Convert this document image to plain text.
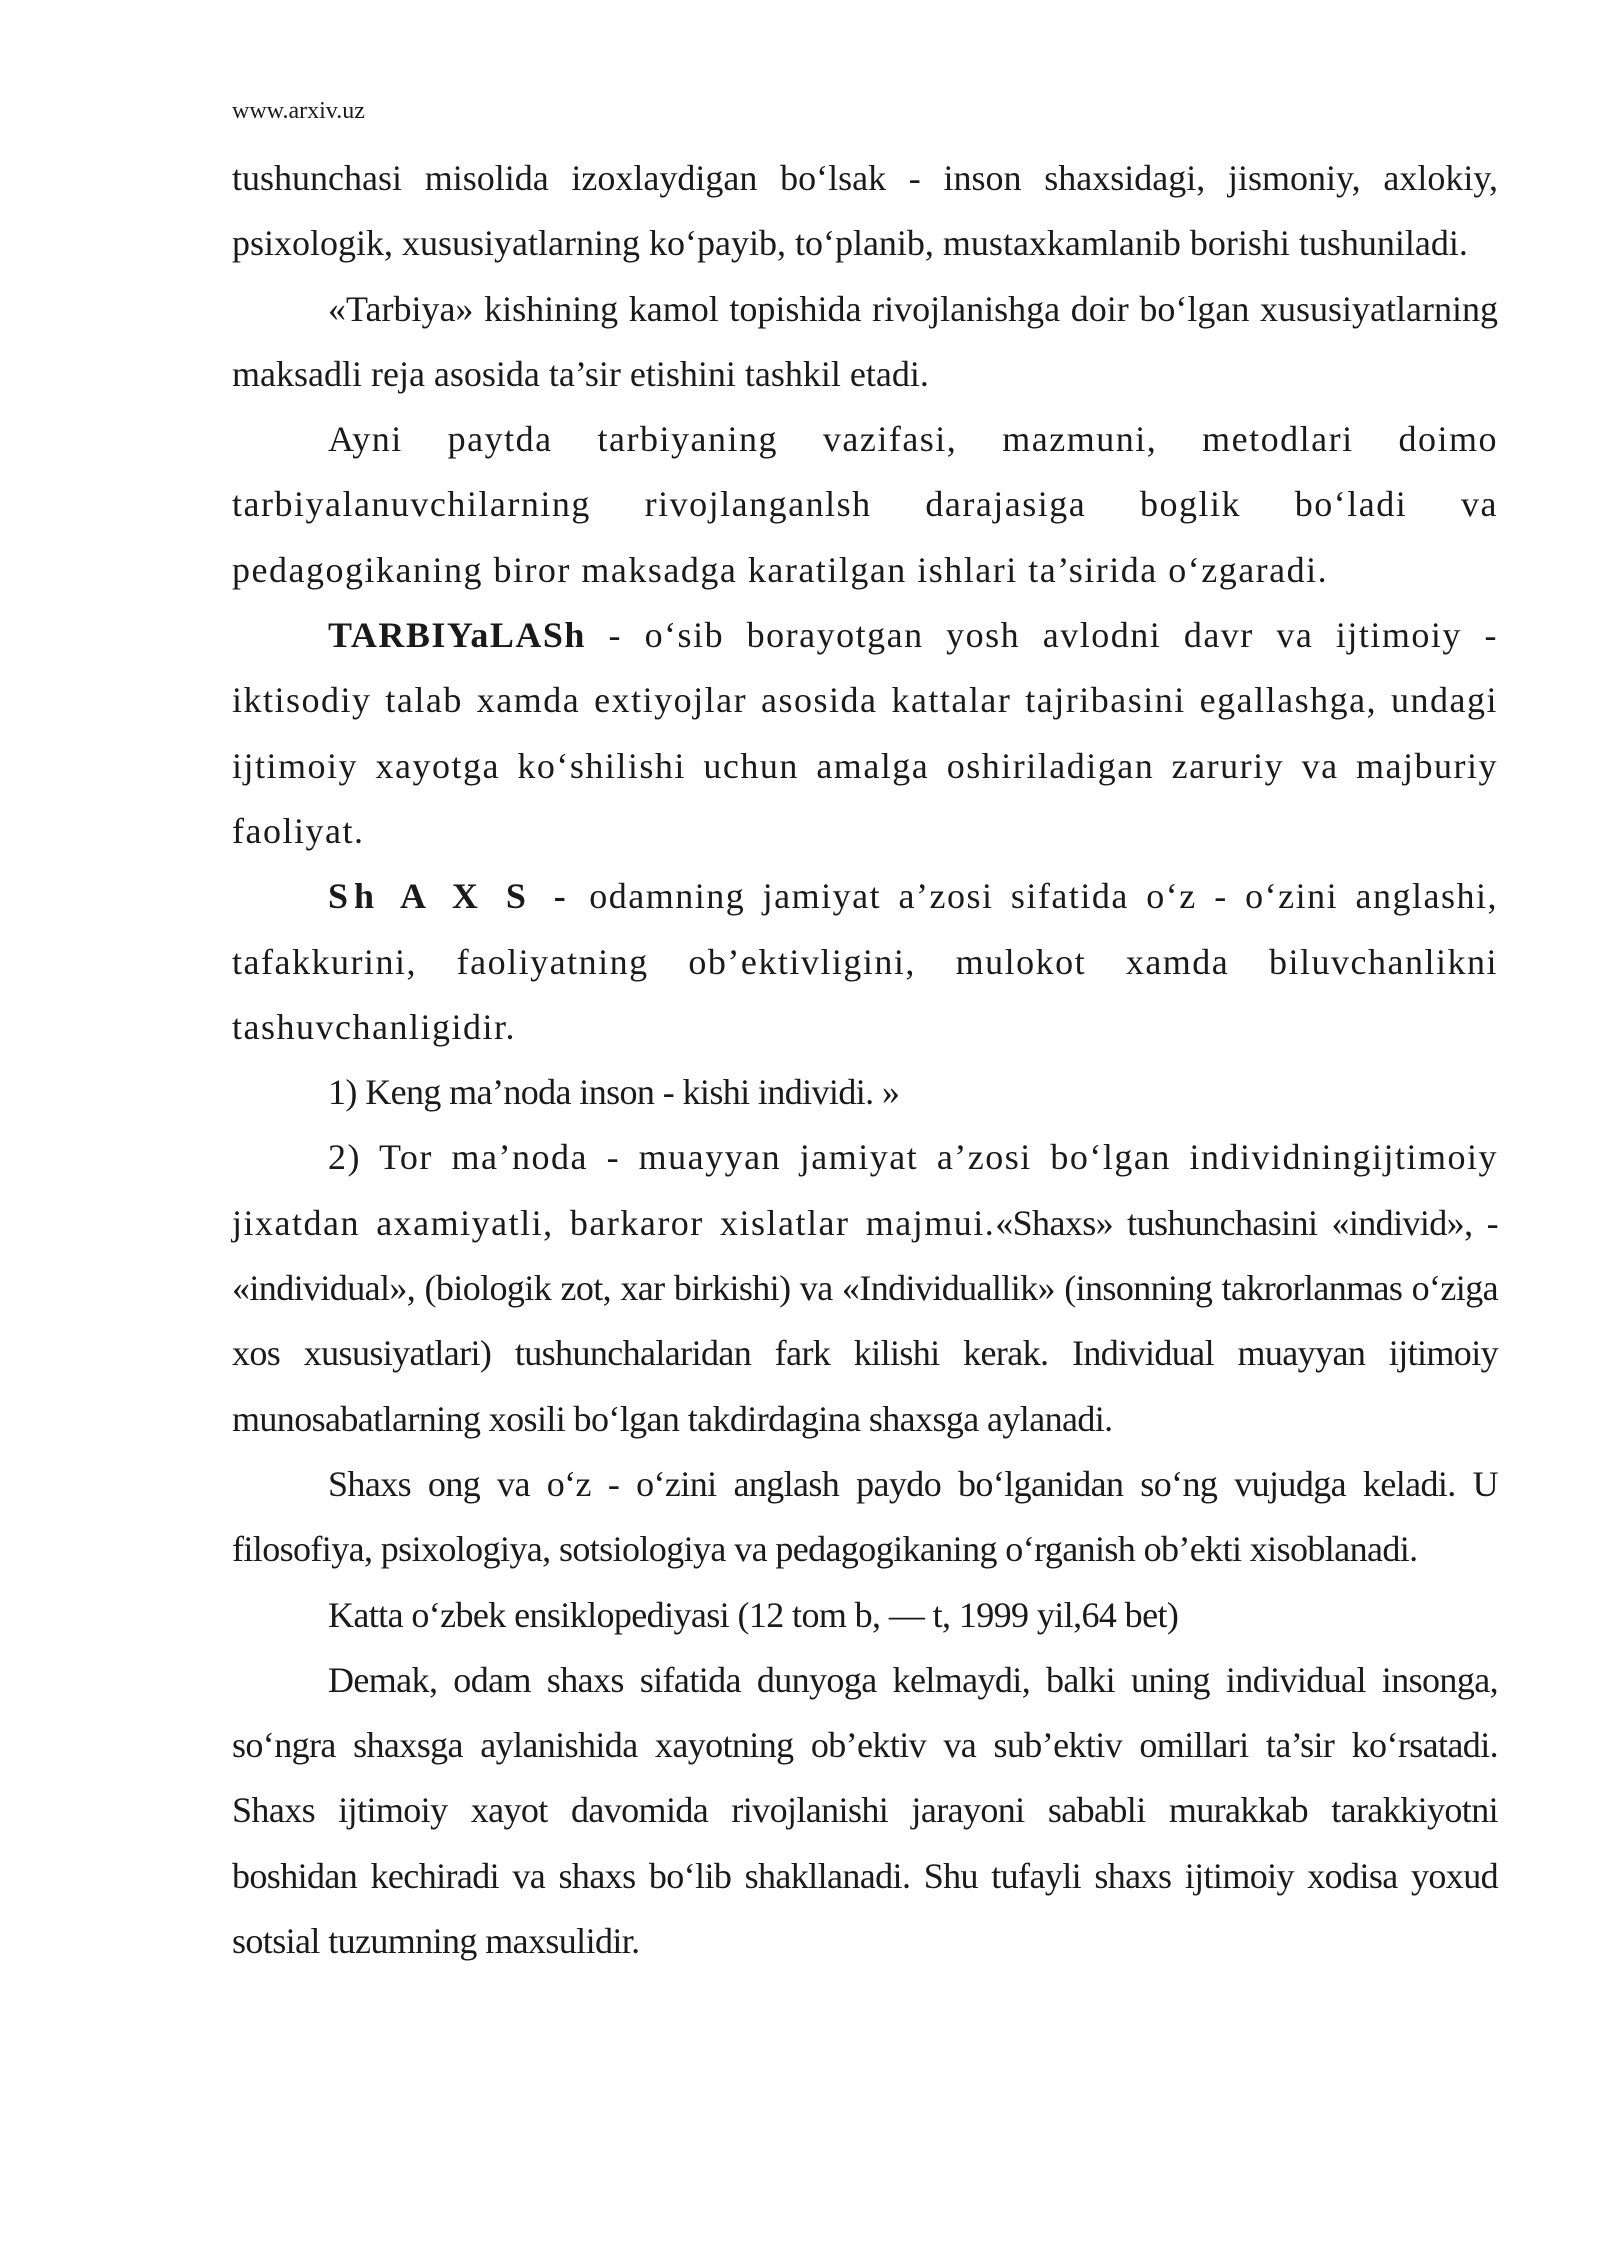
www.arxiv.uz

tushunchasi misolida izoxlaydigan bo‘lsak - inson shaxsidagi, jismoniy, axlokiy, psixologik, xususiyatlarning ko‘payib, to‘planib, mustaxkamlanib borishi tushuniladi.

«Tarbiya» kishining kamol topishida rivojlanishga doir bo‘lgan xususiyatlarning maksadli reja asosida ta’sir etishini tashkil etadi.

Ayni paytda tarbiyaning vazifasi, mazmuni, metodlari doimo tarbiyalanuvchilarning rivojlanganlsh darajasiga boglik bo‘ladi va pedagogikaning biror maksadga karatilgan ishlari ta’sirida o‘zgaradi.

TARBIYaLASh - o‘sib borayotgan yosh avlodni davr va ijtimoiy -iktisodiy talab xamda extiyojlar asosida kattalar tajribasini egallashga, undagi ijtimoiy xayotga ko‘shilishi uchun amalga oshiriladigan zaruriy va majburiy faoliyat.

Sh A X S - odamning jamiyat a’zosi sifatida o‘z - o‘zini anglashi, tafakkurini, faoliyatning ob’ektivligini, mulokot xamda biluvchanlikni tashuvchanligidir.

1) Keng ma’noda inson - kishi individi. »

2) Tor ma’noda - muayyan jamiyat a’zosi bo‘lgan individningijtimoiy jixatdan axamiyatli, barkaror xislatlar majmui.«Shaxs» tushunchasini «individ», - «individual», (biologik zot, xar birkishi) va «Individuallik» (insonning takrorlanmas o‘ziga xos xususiyatlari) tushunchalaridan fark kilishi kerak. Individual muayyan ijtimoiy

munosabatlarning xosili bo‘lgan takdirdagina shaxsga aylanadi.

Shaxs ong va o‘z - o‘zini anglash paydo bo‘lganidan so‘ng vujudga keladi. U filosofiya, psixologiya, sotsiologiya va pedagogikaning o‘rganish ob’ekti xisoblanadi.

Katta o‘zbek ensiklopediyasi (12 tom b, — t, 1999 yil,64 bet)

Demak, odam shaxs sifatida dunyoga kelmaydi, balki uning individual insonga, so‘ngra shaxsga aylanishida xayotning ob’ektiv va sub’ektiv omillari ta’sir ko‘rsatadi. Shaxs ijtimoiy xayot davomida rivojlanishi jarayoni sababli murakkab tarakkiyotni boshidan kechiradi va shaxs bo‘lib shakllanadi. Shu tufayli shaxs ijtimoiy xodisa yoxud sotsial tuzumning maxsulidir.
